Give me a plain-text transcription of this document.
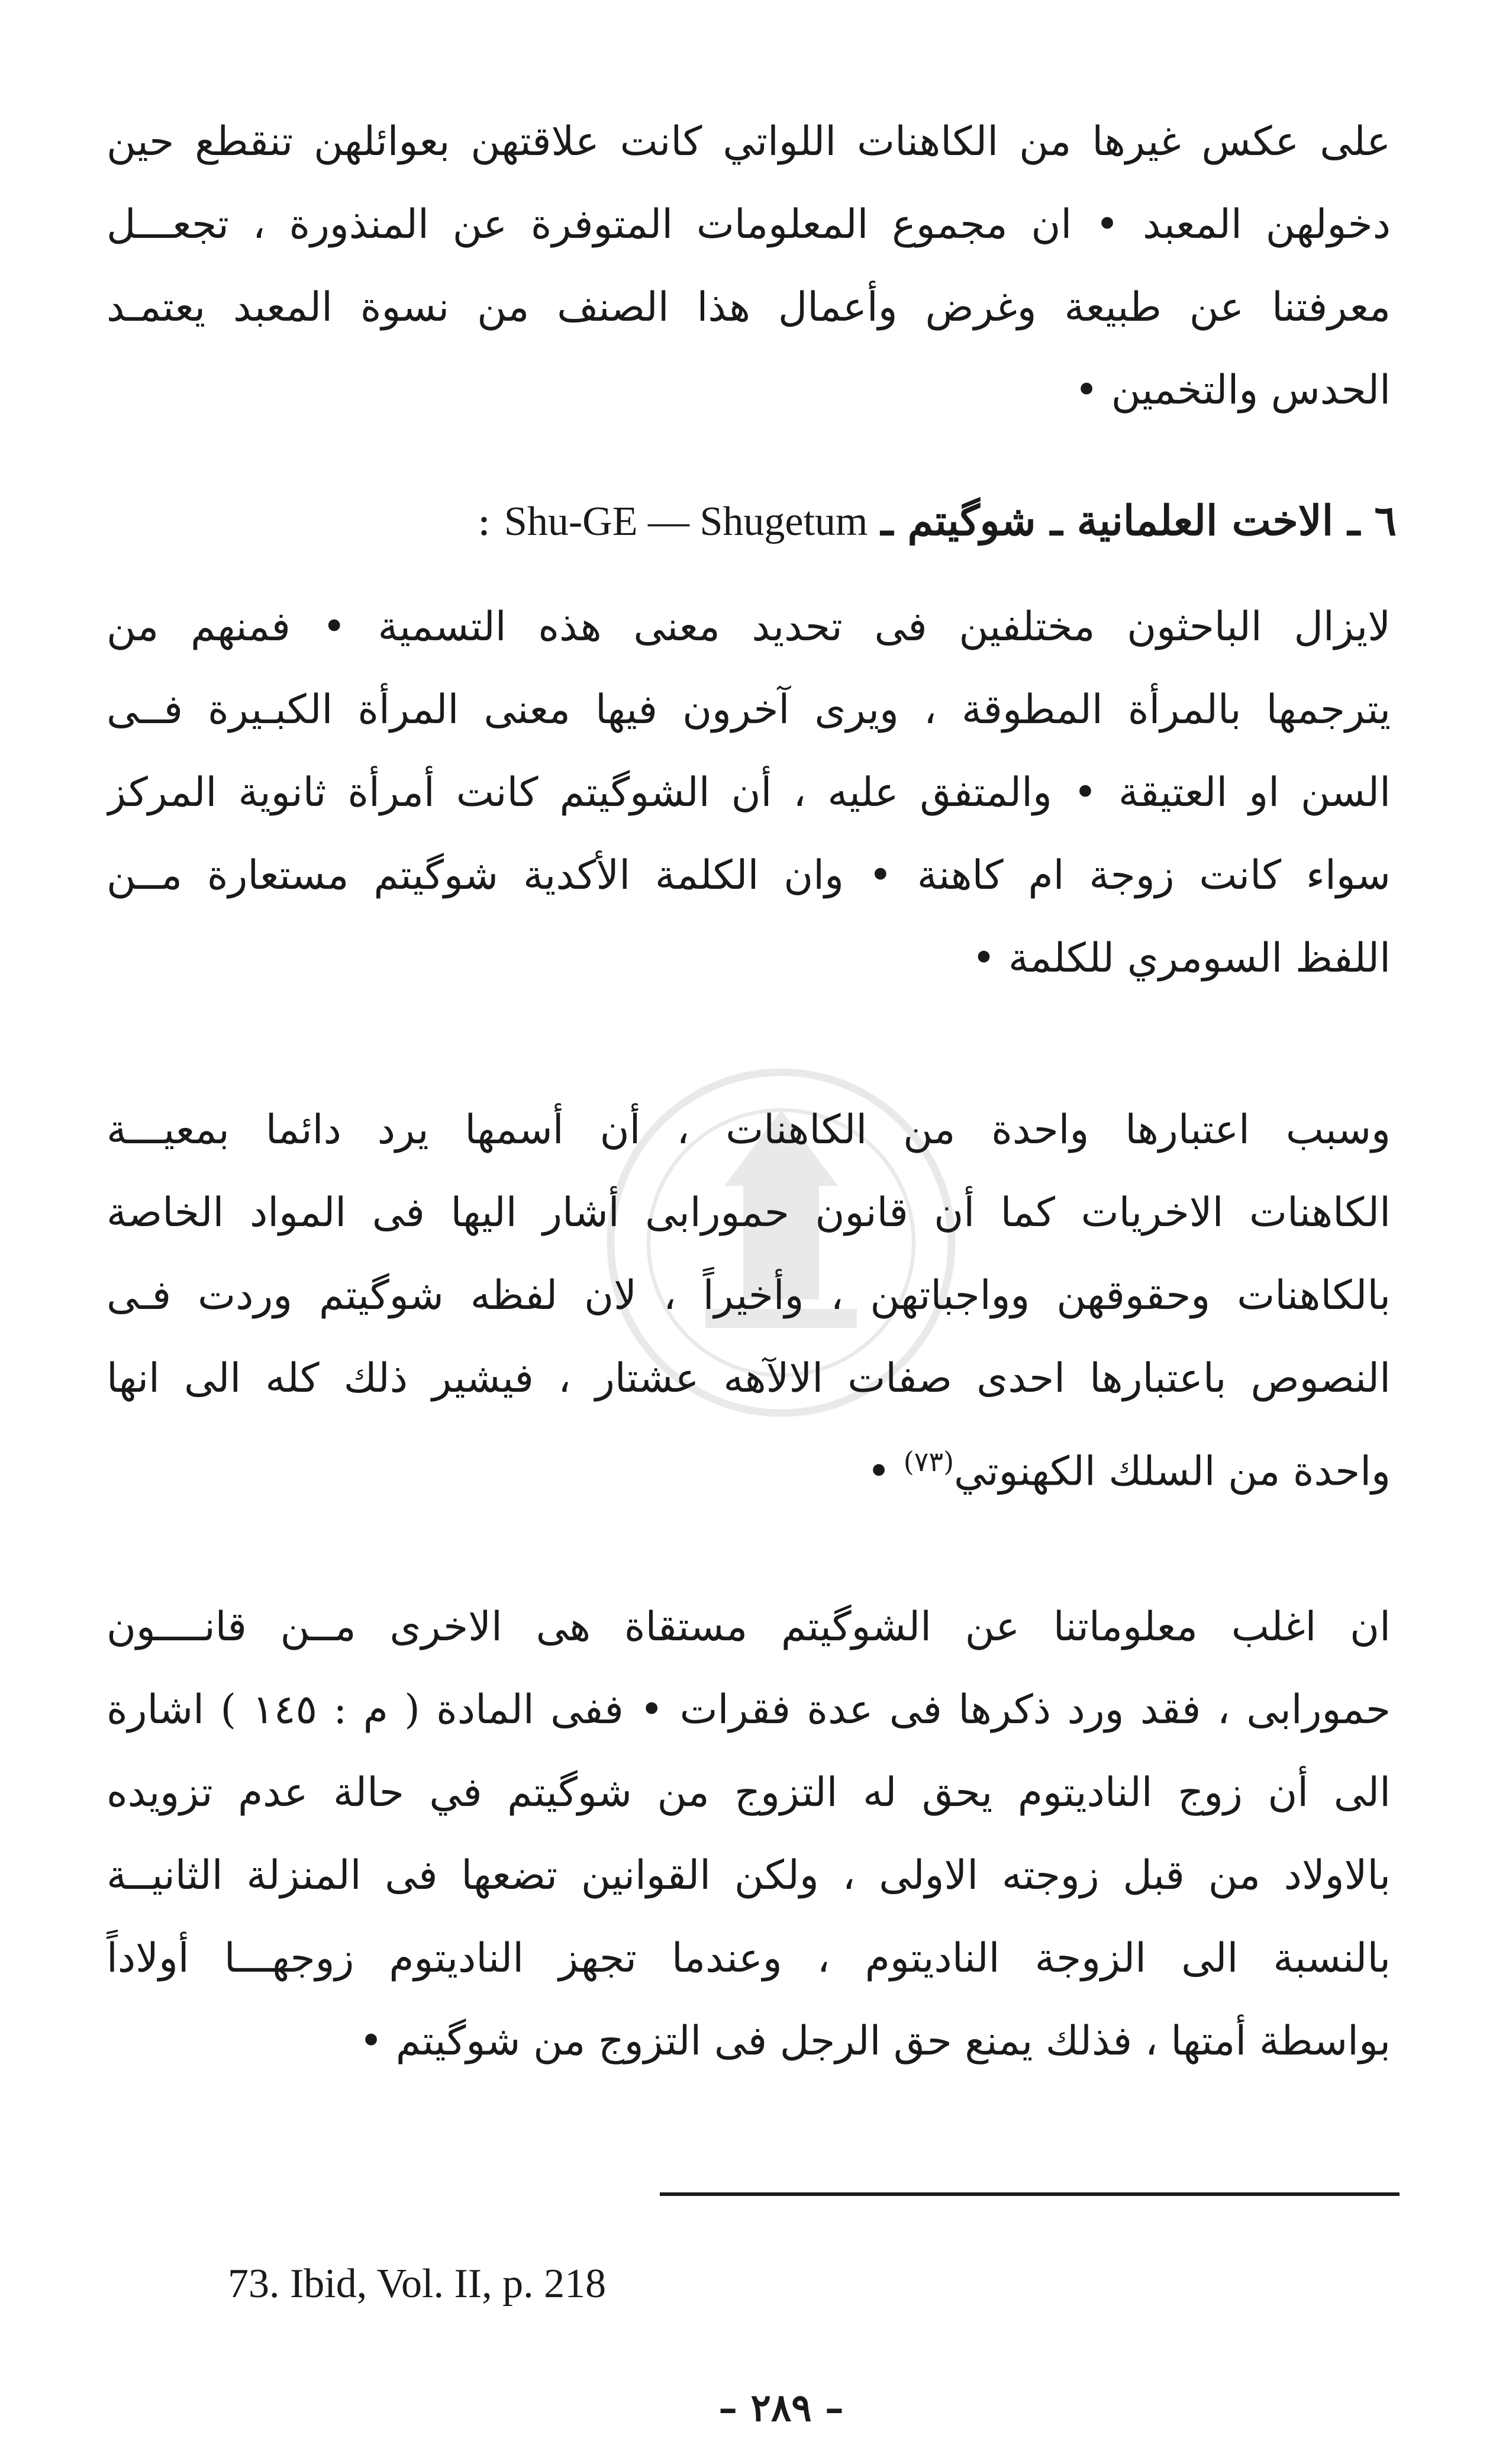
على عكس غيرها من الكاهنات اللواتي كانت علاقتهن بعوائلهن تنقطع حين
دخولهن المعبد • ان مجموع المعلومات المتوفرة عن المنذورة ، تجعـــل
معرفتنا عن طبيعة وغرض وأعمال هذا الصنف من نسوة المعبد يعتمـد
الحدس والتخمين •
٦ ـ الاخت العلمانية ـ شوگيتم ـ Shu-GE — Shugetum :
لايزال الباحثون مختلفين فى تحديد معنى هذه التسمية • فمنهم من
يترجمها بالمرأة المطوقة ، ويرى آخرون فيها معنى المرأة الكبـيرة فــى
السن او العتيقة • والمتفق عليه ، أن الشوگيتم كانت أمرأة ثانوية المركز
سواء كانت زوجة ام كاهنة • وان الكلمة الأكدية شوگيتم مستعارة مــن
اللفظ السومري للكلمة •
وسبب اعتبارها واحدة من الكاهنات ، أن أسمها يرد دائما بمعيـــة
الكاهنات الاخريات كما أن قانون حمورابى أشار اليها فى المواد الخاصة
بالكاهنات وحقوقهن وواجباتهن ، وأخيراً ، لان لفظه شوگيتم وردت فـى
النصوص باعتبارها احدى صفات الالآهه عشتار ، فيشير ذلك كله الى انها
واحدة من السلك الكهنوتي$^{(٧٣)}$ •
ان اغلب معلوماتنا عن الشوگيتم مستقاة هى الاخرى مــن قانــــون
حمورابى ، فقد ورد ذكرها فى عدة فقرات • ففى المادة ( م : ١٤٥ ) اشارة
الى أن زوج الناديتوم يحق له التزوج من شوگيتم في حالة عدم تزويده
بالاولاد من قبل زوجته الاولى ، ولكن القوانين تضعها فى المنزلة الثانيــة
بالنسبة الى الزوجة الناديتوم ، وعندما تجهز الناديتوم زوجهـــا أولاداً
بواسطة أمتها ، فذلك يمنع حق الرجل فى التزوج من شوگيتم •
73. Ibid, Vol. II, p. 218
– ٢٨٩ –
